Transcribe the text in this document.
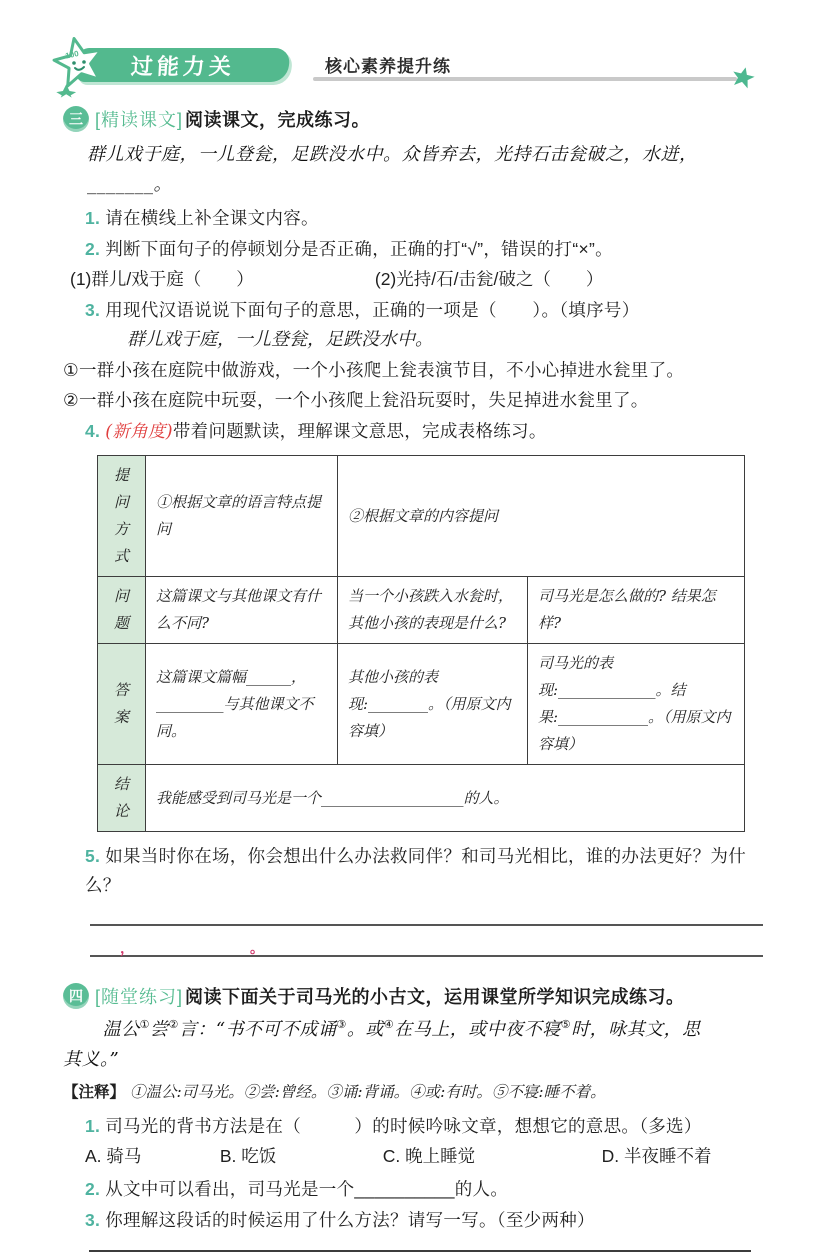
过能力关
100
核心素养提升练
三 [精读课文] 阅读课文，完成练习。
群儿戏于庭，一儿登瓮，足跌没水中。众皆弃去，光持石击瓮破之，水迸，_______。
1. 请在横线上补全课文内容。
2. 判断下面句子的停顿划分是否正确，正确的打“√”，错误的打“×”。
(1)群儿/戏于庭（　　）	(2)光持/石/击瓮/破之（　　）
3. 用现代汉语说说下面句子的意思，正确的一项是（　　）。（填序号）
群儿戏于庭，一儿登瓮，足跌没水中。
①一群小孩在庭院中做游戏，一个小孩爬上瓮表演节目，不小心掉进水瓮里了。
②一群小孩在庭院中玩耍，一个小孩爬上瓮沿玩耍时，失足掉进水瓮里了。
4. (新角度)带着问题默读，理解课文意思，完成表格练习。
提问方式	①根据文章的语言特点提问	②根据文章的内容提问	
问题	这篇课文与其他课文有什么不同?	当一个小孩跌入水瓮时，其他小孩的表现是什么?	司马光是怎么做的? 结果怎样?
答案	这篇课文篇幅______，_________与其他课文不同。	其他小孩的表现:________。（用原文内容填）	司马光的表现:_____________。结果:____________。（用原文内容填）
结论	我能感受到司马光是一个___________________的人。		
5. 如果当时你在场，你会想出什么办法救同伴？和司马光相比，谁的办法更好？为什么？
，	。
四 [随堂练习] 阅读下面关于司马光的小古文，运用课堂所学知识完成练习。
温公①尝②言：“书不可不成诵③。或④在马上，或中夜不寝⑤时，咏其文，思其义。”
【注释】 ①温公:司马光。②尝:曾经。③诵:背诵。④或:有时。⑤不寝:睡不着。
1. 司马光的背书方法是在（　　　）的时候吟咏文章，想想它的意思。（多选）
A. 骑马	B. 吃饭	C. 晚上睡觉	D. 半夜睡不着
2. 从文中可以看出，司马光是一个__________的人。
3. 你理解这段话的时候运用了什么方法？请写一写。（至少两种）
